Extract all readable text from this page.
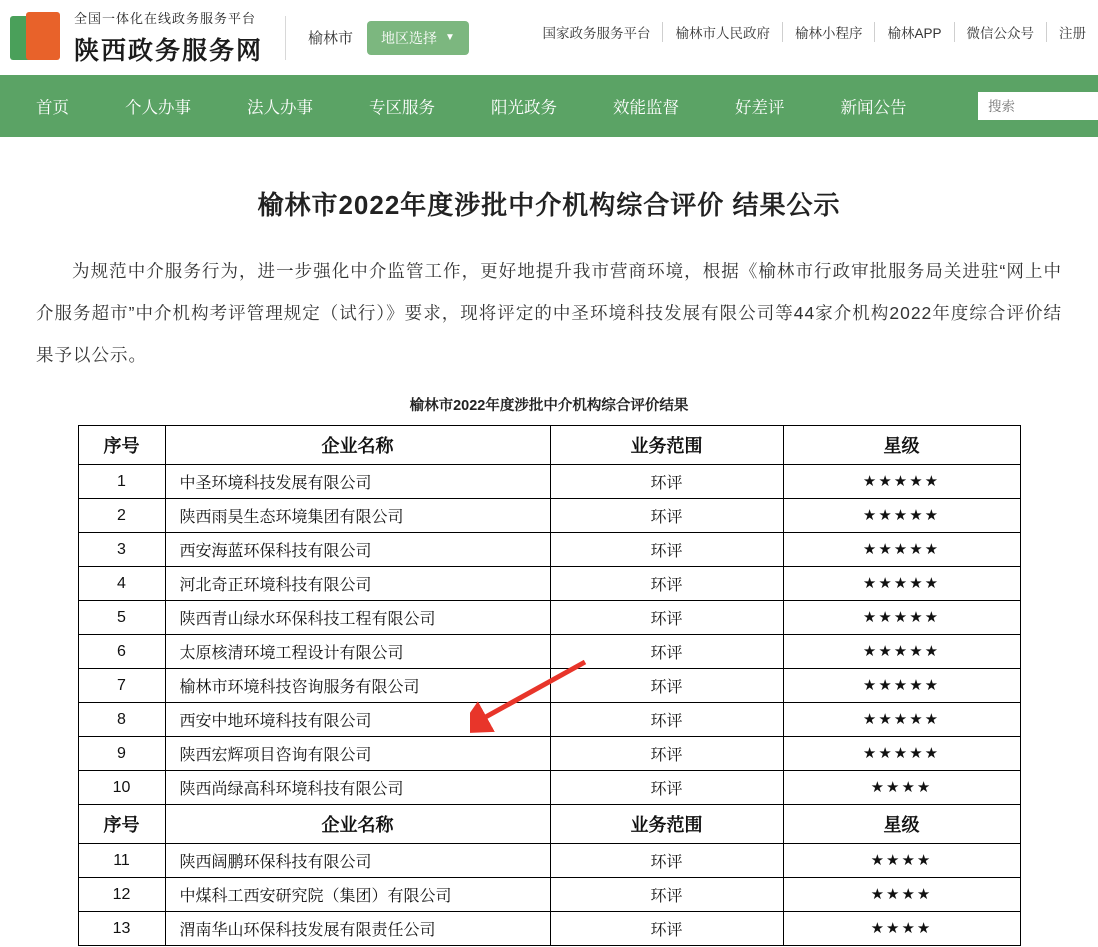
全国一体化在线政务服务平台
陕西政务服务网	榆林市 地区选择 ▼	国家政务服务平台	榆林市人民政府	榆林小程序	榆林APP	微信公众号	注册
首页	个人办事	法人办事	专区服务	阳光政务	效能监督	好差评	新闻公告
搜索
榆林市2022年度涉批中介机构综合评价 结果公示
为规范中介服务行为，进一步强化中介监管工作，更好地提升我市营商环境，根据《榆林市行政审批服务局关进驻“网上中介服务超市”中介机构考评管理规定（试行）》要求，现将评定的中圣环境科技发展有限公司等44家介机构2022年度综合评价结果予以公示。
榆林市2022年度涉批中介机构综合评价结果
序号	企业名称	业务范围	星级
1	中圣环境科技发展有限公司	环评	★★★★★
2	陕西雨昊生态环境集团有限公司	环评	★★★★★
3	西安海蓝环保科技有限公司	环评	★★★★★
4	河北奇正环境科技有限公司	环评	★★★★★
5	陕西青山绿水环保科技工程有限公司	环评	★★★★★
6	太原核清环境工程设计有限公司	环评	★★★★★
7	榆林市环境科技咨询服务有限公司	环评	★★★★★
8	西安中地环境科技有限公司	环评	★★★★★
9	陕西宏辉项目咨询有限公司	环评	★★★★★
10	陕西尚绿高科环境科技有限公司	环评	★★★★
序号	企业名称	业务范围	星级
11	陕西阔鹏环保科技有限公司	环评	★★★★
12	中煤科工西安研究院（集团）有限公司	环评	★★★★
13	渭南华山环保科技发展有限责任公司	环评	★★★★
